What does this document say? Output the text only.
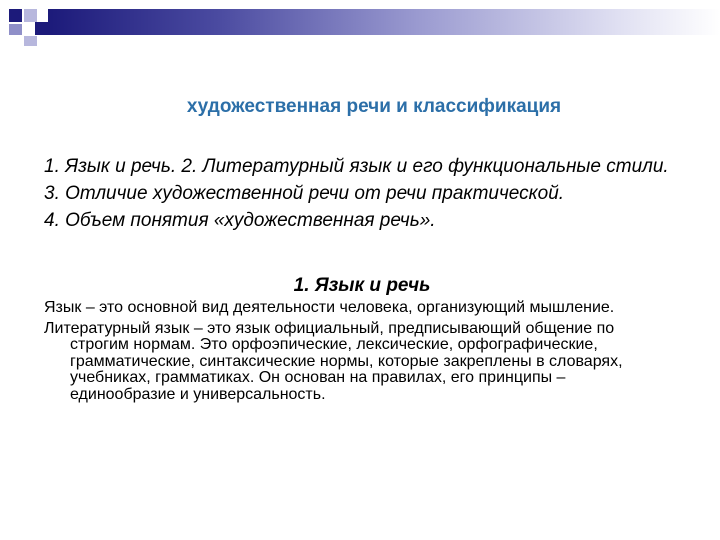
художественная речи и классификация
1. Язык и речь. 2. Литературный язык и его функциональные стили.
3. Отличие художественной речи от речи практической.
4. Объем понятия «художественная речь».
1. Язык и речь
Язык – это основной вид деятельности человека, организующий мышление.
Литературный язык – это язык официальный, предписывающий общение по строгим нормам. Это орфоэпические, лексические, орфографические, грамматические, синтаксические нормы, которые закреплены в словарях, учебниках, грамматиках. Он основан на правилах, его принципы – единообразие и универсальность.
